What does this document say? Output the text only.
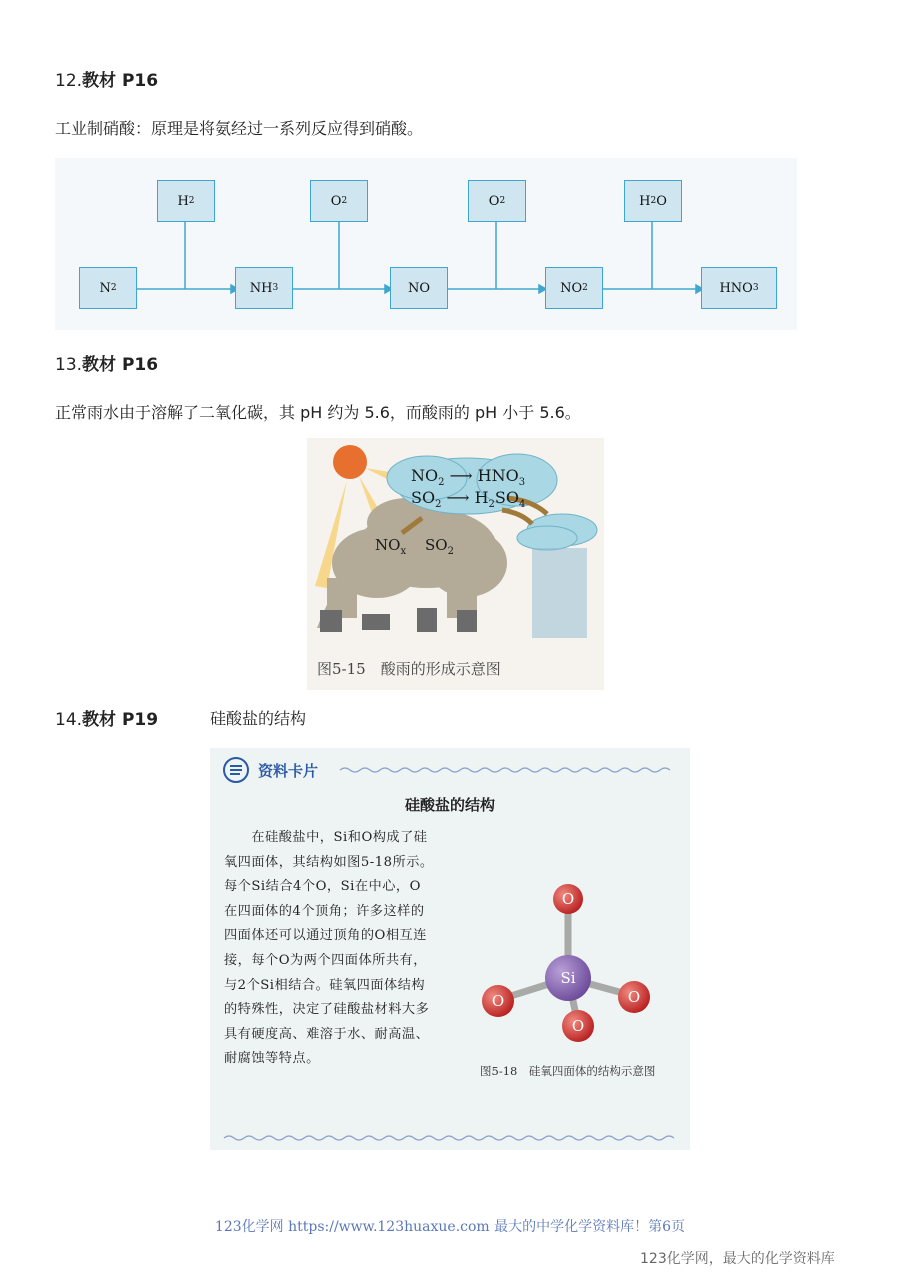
12.教材 P16
工业制硝酸：原理是将氨经过一系列反应得到硝酸。
N 2	NH 3	NO	NO 2	HNO 3
H 2	O 2	O 2	H 2 O
13.教材 P16
正常雨水由于溶解了二氧化碳，其 pH 约为 5.6，而酸雨的 pH 小于 5.6。
$NO_2$ ⟶ $HNO_3$
$SO_2$ ⟶ $H_2SO_4$
$NO_x$ $SO_2$
图5-15　酸雨的形成示意图
14.教材 P19	硅酸盐的结构
O
O	O
O
Si
资料卡片
硅酸盐的结构

　　在硅酸盐中，Si和O构成了硅

氧四面体，其结构如图5-18所示。

每个Si结合4个O，Si在中心，O

在四面体的4个顶角；许多这样的

四面体还可以通过顶角的O相互连

接，每个O为两个四面体所共有，

与2个Si相结合。硅氧四面体结构

的特殊性，决定了硅酸盐材料大多

具有硬度高、难溶于水、耐高温、

耐腐蚀等特点。

图5-18　硅氧四面体的结构示意图
123化学网 https://www.123huaxue.com 最大的中学化学资料库！第6页
123化学网，最大的化学资料库
